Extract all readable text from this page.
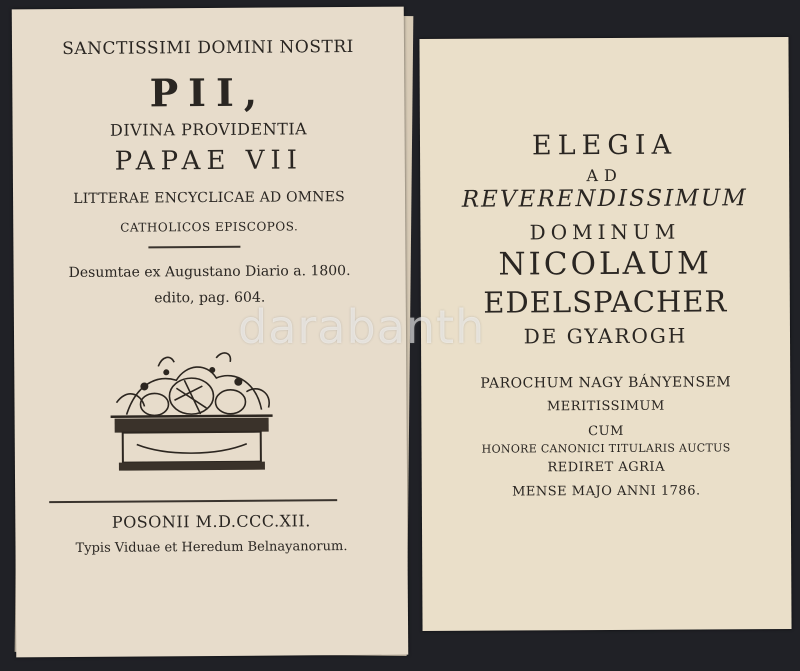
SANCTISSIMI DOMINI NOSTRI
PII,
DIVINA PROVIDENTIA
PAPAE VII
LITTERAE ENCYCLICAE AD OMNES
CATHOLICOS EPISCOPOS.
Desumtae ex Augustano Diario a. 1800.
edito, pag. 604.
POSONII M.D.CCC.XII.
Typis Viduae et Heredum Belnayanorum.
ELEGIA
AD
REVERENDISSIMUM
DOMINUM
NICOLAUM
EDELSPACHER
DE GYAROGH
PAROCHUM NAGY BÁNYENSEM
MERITISSIMUM
CUM
HONORE CANONICI TITULARIS AUCTUS
REDIRET AGRIA
MENSE MAJO ANNI 1786.
darabanth
